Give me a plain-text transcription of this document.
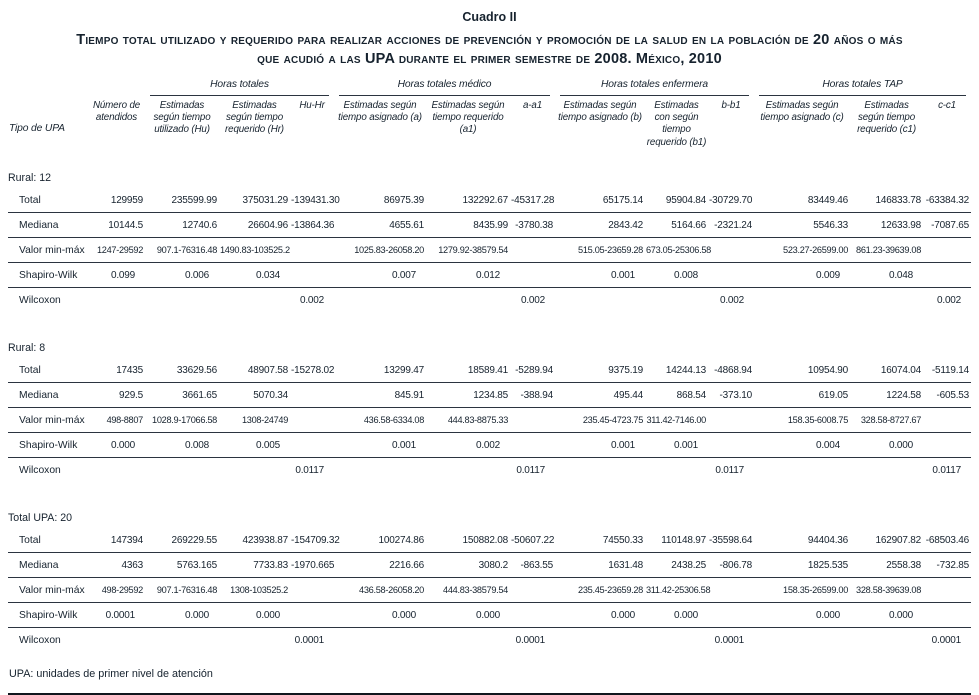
Cuadro II
Tiempo total utilizado y requerido para realizar acciones de prevención y promoción de la salud en la población de 20 años o más
que acudió a las UPA durante el primer semestre de 2008. México, 2010

		Horas totales			Horas totales médico			Horas totales enfermera			Horas totales TAP		

Tipo de UPA	Número de atendidos	Estimadas según tiempo utilizado (Hu)	Estimadas según tiempo requerido (Hr)	Hu-Hr	Estimadas según tiempo asignado (a)	Estimadas según tiempo requerido (a1)	a-a1	Estimadas según tiempo asignado (b)	Estimadas con según tiempo requerido (b1)	b-b1	Estimadas según tiempo asignado (c)	Estimadas según tiempo requerido (c1)	c-c1
Rural: 12													
Total	129959	235599.99	375031.29	-139431.30	86975.39	132292.67	-45317.28	65175.14	95904.84	-30729.70	83449.46	146833.78	-63384.32
Mediana	10144.5	12740.6	26604.96	-13864.36	4655.61	8435.99	-3780.38	2843.42	5164.66	-2321.24	5546.33	12633.98	-7087.65
Valor min-máx	1247-29592	907.1-76316.48	1490.83-103525.2		1025.83-26058.20	1279.92-38579.54		515.05-23659.28	673.05-25306.58		523.27-26599.00	861.23-39639.08	
Shapiro-Wilk	0.099	0.006	0.034		0.007	0.012		0.001	0.008		0.009	0.048	
Wilcoxon				0.002			0.002			0.002			0.002
Rural: 8													
Total	17435	33629.56	48907.58	-15278.02	13299.47	18589.41	-5289.94	9375.19	14244.13	-4868.94	10954.90	16074.04	-5119.14
Mediana	929.5	3661.65	5070.34		845.91	1234.85	-388.94	495.44	868.54	-373.10	619.05	1224.58	-605.53
Valor min-máx	498-8807	1028.9-17066.58	1308-24749		436.58-6334.08	444.83-8875.33		235.45-4723.75	311.42-7146.00		158.35-6008.75	328.58-8727.67	
Shapiro-Wilk	0.000	0.008	0.005		0.001	0.002		0.001	0.001		0.004	0.000	
Wilcoxon				0.0117			0.0117			0.0117			0.0117
Total UPA: 20													
Total	147394	269229.55	423938.87	-154709.32	100274.86	150882.08	-50607.22	74550.33	110148.97	-35598.64	94404.36	162907.82	-68503.46
Mediana	4363	5763.165	7733.83	-1970.665	2216.66	3080.2	-863.55	1631.48	2438.25	-806.78	1825.535	2558.38	-732.85
Valor min-máx	498-29592	907.1-76316.48	1308-103525.2		436.58-26058.20	444.83-38579.54		235.45-23659.28	311.42-25306.58		158.35-26599.00	328.58-39639.08	
Shapiro-Wilk	0.0001	0.000	0.000		0.000	0.000		0.000	0.000		0.000	0.000	
Wilcoxon				0.0001			0.0001			0.0001			0.0001
UPA: unidades de primer nivel de atención
